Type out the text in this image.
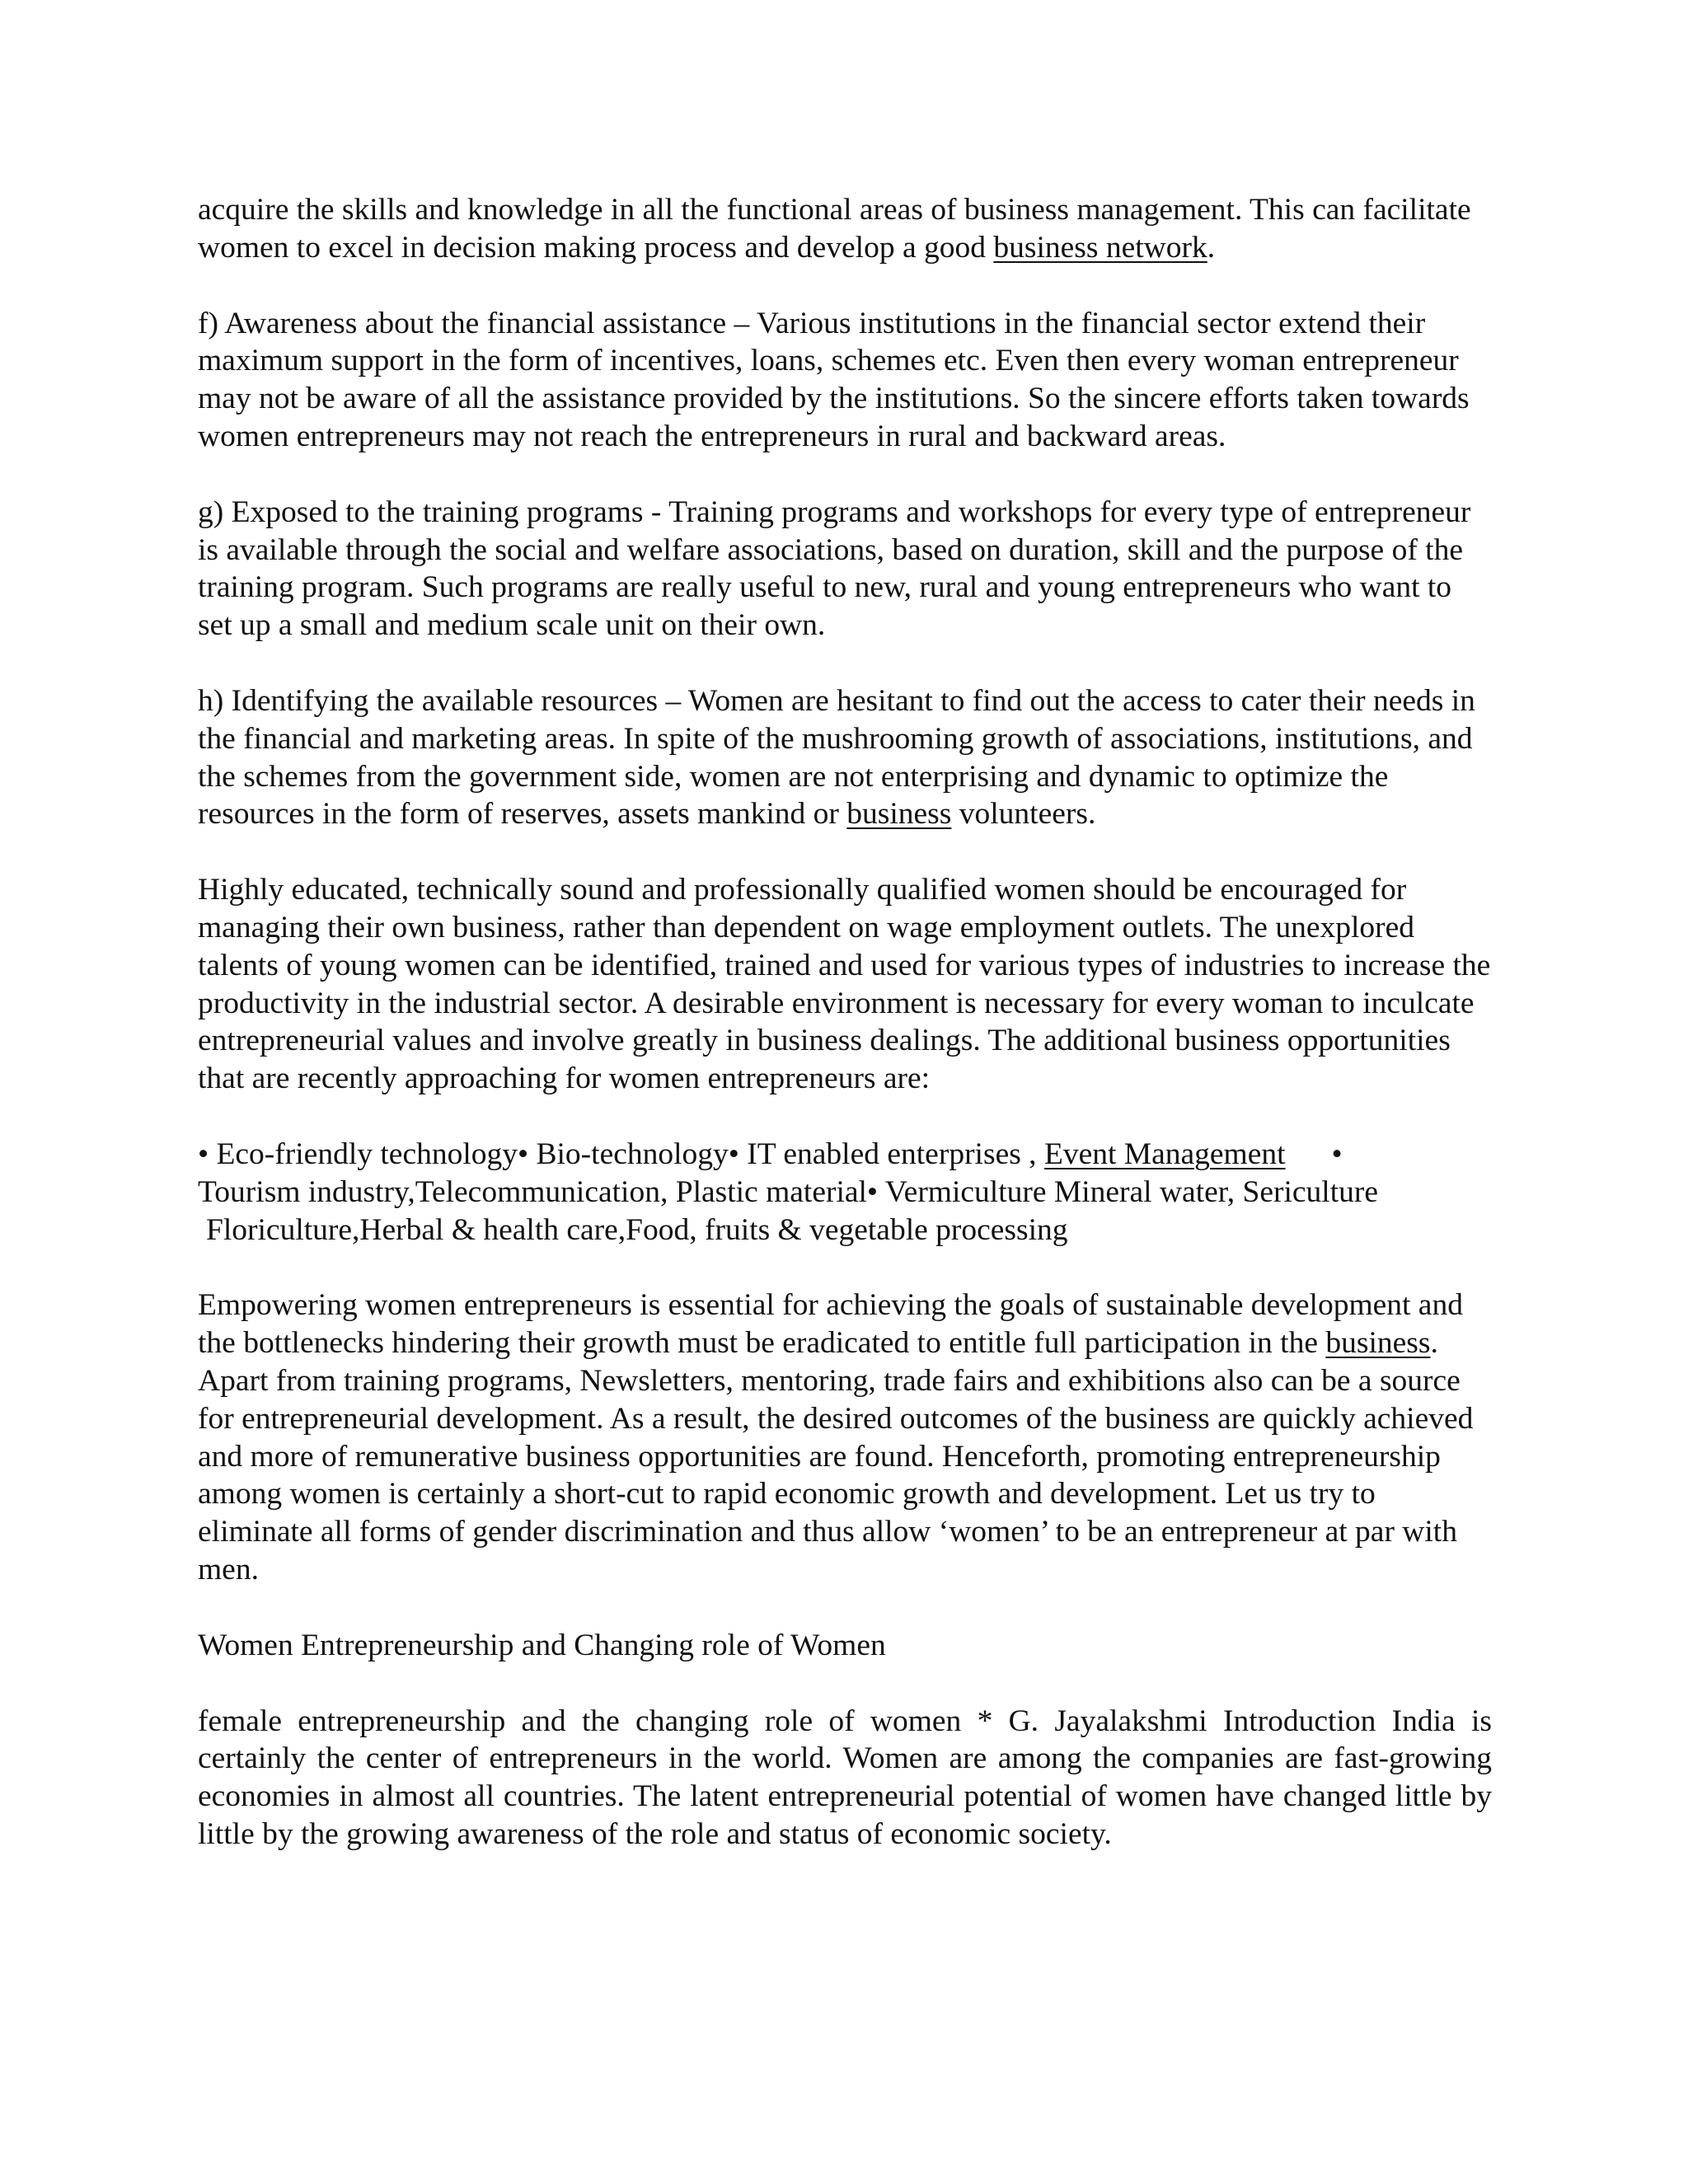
acquire the skills and knowledge in all the functional areas of business management. This can facilitate women to excel in decision making process and develop a good business network.

f) Awareness about the financial assistance – Various institutions in the financial sector extend their maximum support in the form of incentives, loans, schemes etc. Even then every woman entrepreneur may not be aware of all the assistance provided by the institutions. So the sincere efforts taken towards women entrepreneurs may not reach the entrepreneurs in rural and backward areas.

g) Exposed to the training programs - Training programs and workshops for every type of entrepreneur is available through the social and welfare associations, based on duration, skill and the purpose of the training program. Such programs are really useful to new, rural and young entrepreneurs who want to set up a small and medium scale unit on their own.

h) Identifying the available resources – Women are hesitant to find out the access to cater their needs in the financial and marketing areas. In spite of the mushrooming growth of associations, institutions, and the schemes from the government side, women are not enterprising and dynamic to optimize the resources in the form of reserves, assets mankind or business volunteers.

Highly educated, technically sound and professionally qualified women should be encouraged for managing their own business, rather than dependent on wage employment outlets. The unexplored talents of young women can be identified, trained and used for various types of industries to increase the productivity in the industrial sector. A desirable environment is necessary for every woman to inculcate entrepreneurial values and involve greatly in business dealings. The additional business opportunities that are recently approaching for women entrepreneurs are:

• Eco-friendly technology• Bio-technology• IT enabled enterprises , Event Management •
Tourism industry,Telecommunication, Plastic material• Vermiculture Mineral water, Sericulture
Floriculture,Herbal & health care,Food, fruits & vegetable processing

Empowering women entrepreneurs is essential for achieving the goals of sustainable development and the bottlenecks hindering their growth must be eradicated to entitle full participation in the business. Apart from training programs, Newsletters, mentoring, trade fairs and exhibitions also can be a source for entrepreneurial development. As a result, the desired outcomes of the business are quickly achieved and more of remunerative business opportunities are found. Henceforth, promoting entrepreneurship among women is certainly a short-cut to rapid economic growth and development. Let us try to eliminate all forms of gender discrimination and thus allow ‘women’ to be an entrepreneur at par with men.

Women Entrepreneurship and Changing role of Women

female entrepreneurship and the changing role of women * G. Jayalakshmi Introduction India is certainly the center of entrepreneurs in the world. Women are among the companies are fast-growing economies in almost all countries. The latent entrepreneurial potential of women have changed little by little by the growing awareness of the role and status of economic society.
